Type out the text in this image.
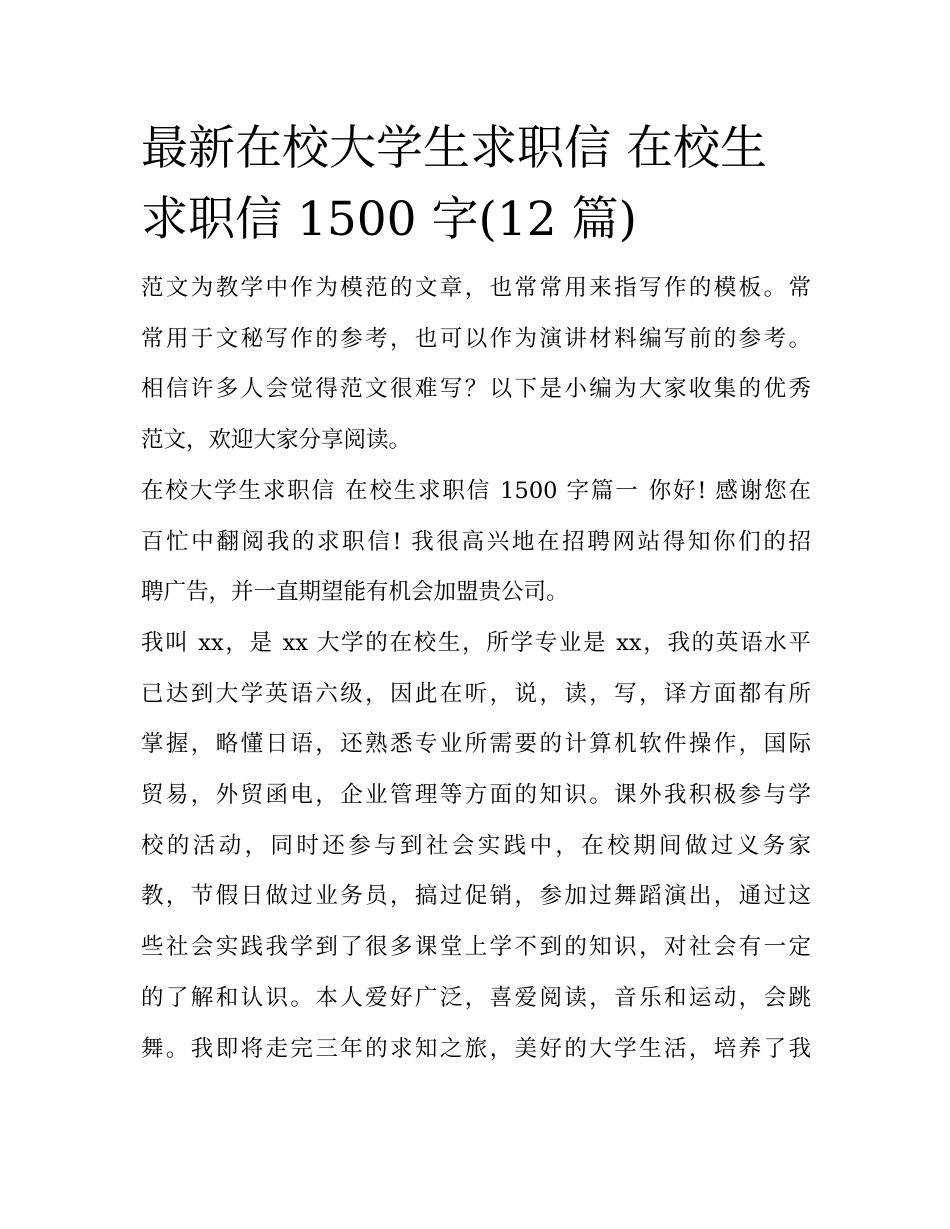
最新在校大学生求职信 在校生
求职信 1500 字(12 篇)

范文为教学中作为模范的文章，也常常用来指写作的模板。常
常用于文秘写作的参考，也可以作为演讲材料编写前的参考。
相信许多人会觉得范文很难写？以下是小编为大家收集的优秀
范文，欢迎大家分享阅读。

在校大学生求职信 在校生求职信 1500 字篇一 你好! 感谢您在
百忙中翻阅我的求职信! 我很高兴地在招聘网站得知你们的招
聘广告，并一直期望能有机会加盟贵公司。

我叫 xx，是 xx 大学的在校生，所学专业是 xx，我的英语水平
已达到大学英语六级，因此在听，说，读，写，译方面都有所
掌握，略懂日语，还熟悉专业所需要的计算机软件操作，国际
贸易，外贸函电，企业管理等方面的知识。课外我积极参与学
校的活动，同时还参与到社会实践中，在校期间做过义务家
教，节假日做过业务员，搞过促销，参加过舞蹈演出，通过这
些社会实践我学到了很多课堂上学不到的知识，对社会有一定
的了解和认识。本人爱好广泛，喜爱阅读，音乐和运动，会跳
舞。我即将走完三年的求知之旅，美好的大学生活，培养了我
